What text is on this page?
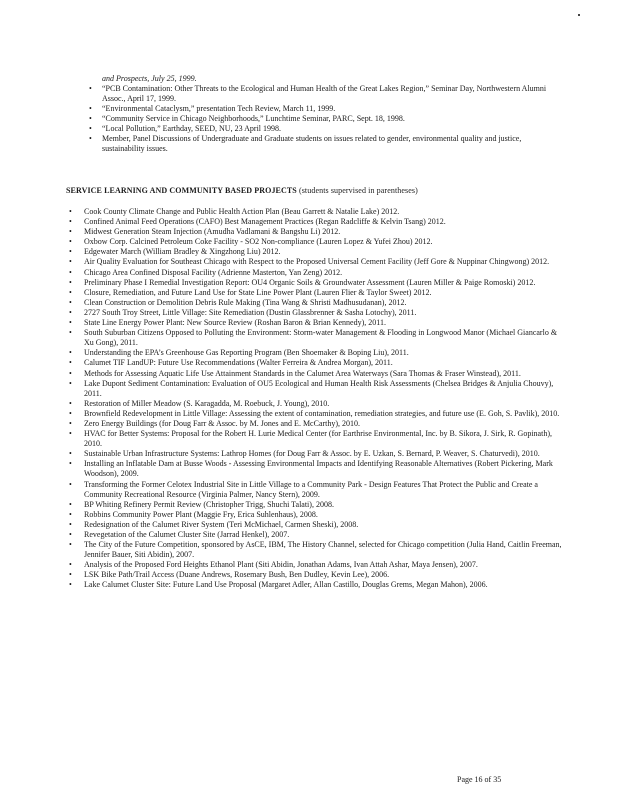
and Prospects, July 25, 1999.
• “PCB Contamination: Other Threats to the Ecological and Human Health of the Great Lakes Region,” Seminar Day, Northwestern Alumni Assoc., April 17, 1999.
• “Environmental Cataclysm,” presentation Tech Review, March 11, 1999.
• “Community Service in Chicago Neighborhoods,” Lunchtime Seminar, PARC, Sept. 18, 1998.
• “Local Pollution,” Earthday, SEED, NU, 23 April 1998.
• Member, Panel Discussions of Undergraduate and Graduate students on issues related to gender, environmental quality and justice, sustainability issues.
SERVICE LEARNING AND COMMUNITY BASED PROJECTS (students supervised in parentheses)
• Cook County Climate Change and Public Health Action Plan (Beau Garrett & Natalie Lake) 2012.
• Confined Animal Feed Operations (CAFO) Best Management Practices (Regan Radcliffe & Kelvin Tsang) 2012.
• Midwest Generation Steam Injection (Amudha Vadlamani & Bangshu Li) 2012.
• Oxbow Corp. Calcined Petroleum Coke Facility - SO2 Non-compliance (Lauren Lopez & Yufei Zhou) 2012.
• Edgewater March (William Bradley & Xingzhong Liu) 2012.
• Air Quality Evaluation for Southeast Chicago with Respect to the Proposed Universal Cement Facility (Jeff Gore & Nuppinar Chingwong) 2012.
• Chicago Area Confined Disposal Facility (Adrienne Masterton, Yan Zeng) 2012.
• Preliminary Phase I Remedial Investigation Report: OU4 Organic Soils & Groundwater Assessment (Lauren Miller & Paige Romoski) 2012.
• Closure, Remediation, and Future Land Use for State Line Power Plant (Lauren Flier & Taylor Sweet) 2012.
• Clean Construction or Demolition Debris Rule Making (Tina Wang & Shristi Madhusudanan), 2012.
• 2727 South Troy Street, Little Village: Site Remediation (Dustin Glassbrenner & Sasha Lotochy), 2011.
• State Line Energy Power Plant: New Source Review (Roshan Baron & Brian Kennedy), 2011.
• South Suburban Citizens Opposed to Polluting the Environment: Storm-water Management & Flooding in Longwood Manor (Michael Giancarlo & Xu Gong), 2011.
• Understanding the EPA’s Greenhouse Gas Reporting Program (Ben Shoemaker & Boping Liu), 2011.
• Calumet TIF LandUP: Future Use Recommendations (Walter Ferreira & Andrea Morgan), 2011.
• Methods for Assessing Aquatic Life Use Attainment Standards in the Calumet Area Waterways (Sara Thomas & Fraser Winstead), 2011.
• Lake Dupont Sediment Contamination: Evaluation of OU5 Ecological and Human Health Risk Assessments (Chelsea Bridges & Anjulia Chouvy), 2011.
• Restoration of Miller Meadow (S. Karagadda, M. Roebuck, J. Young), 2010.
• Brownfield Redevelopment in Little Village: Assessing the extent of contamination, remediation strategies, and future use (E. Goh, S. Pavlik), 2010.
• Zero Energy Buildings (for Doug Farr & Assoc. by M. Jones and E. McCarthy), 2010.
• HVAC for Better Systems: Proposal for the Robert H. Lurie Medical Center (for Earthrise Environmental, Inc. by B. Sikora, J. Sirk, R. Gopinath), 2010.
• Sustainable Urban Infrastructure Systems: Lathrop Homes (for Doug Farr & Assoc. by E. Uzkan, S. Bernard, P. Weaver, S. Chaturvedi), 2010.
• Installing an Inflatable Dam at Busse Woods - Assessing Environmental Impacts and Identifying Reasonable Alternatives (Robert Pickering, Mark Woodson), 2009.
• Transforming the Former Celotex Industrial Site in Little Village to a Community Park - Design Features That Protect the Public and Create a Community Recreational Resource (Virginia Palmer, Nancy Stern), 2009.
• BP Whiting Refinery Permit Review (Christopher Trigg, Shuchi Talati), 2008.
• Robbins Community Power Plant (Maggie Fry, Erica Suhlenhaus), 2008.
• Redesignation of the Calumet River System (Teri McMichael, Carmen Sheski), 2008.
• Revegetation of the Calumet Cluster Site (Jarrad Henkel), 2007.
• The City of the Future Competition, sponsored by AsCE, IBM, The History Channel, selected for Chicago competition (Julia Hand, Caitlin Freeman, Jennifer Bauer, Siti Abidin), 2007.
• Analysis of the Proposed Ford Heights Ethanol Plant (Siti Abidin, Jonathan Adams, Ivan Attah Ashar, Maya Jensen), 2007.
• LSK Bike Path/Trail Access (Duane Andrews, Rosemary Bush, Ben Dudley, Kevin Lee), 2006.
• Lake Calumet Cluster Site: Future Land Use Proposal (Margaret Adler, Allan Castillo, Douglas Grems, Megan Mahon), 2006.
Page 16 of 35
